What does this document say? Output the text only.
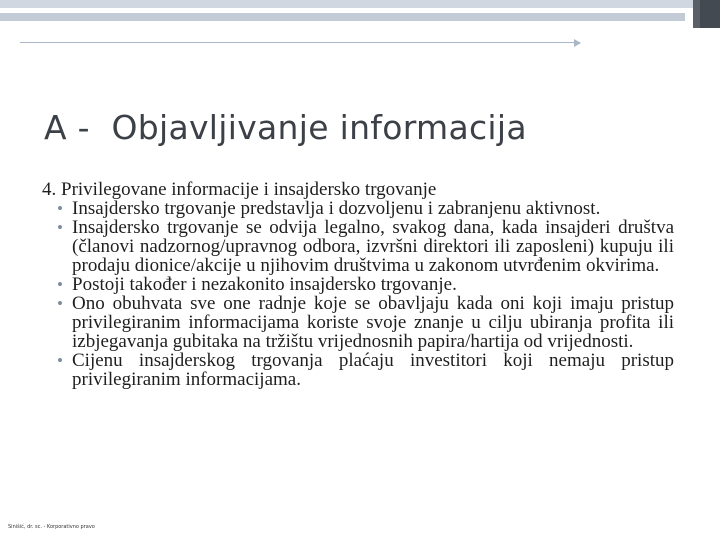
A -  Objavljivanje informacija

4. Privilegovane informacije i insajdersko trgovanje

• Insajdersko trgovanje predstavlja i dozvoljenu i zabranjenu aktivnost.
• Insajdersko trgovanje se odvija legalno, svakog dana, kada insajderi društva (članovi nadzornog/upravnog odbora, izvršni direktori ili zaposleni) kupuju ili prodaju dionice/akcije u njihovim društvima u zakonom utvrđenim okvirima.
• Postoji također i nezakonito insajdersko trgovanje.
• Ono obuhvata sve one radnje koje se obavljaju kada oni koji imaju pristup privilegiranim informacijama koriste svoje znanje u cilju ubiranja profita ili izbjegavanja gubitaka na tržištu vrijednosnih papira/hartija od vrijednosti.
• Cijenu insajderskog trgovanja plaćaju investitori koji nemaju pristup privilegiranim informacijama.
Sinišić, dr. sc. - Korporativno pravo
